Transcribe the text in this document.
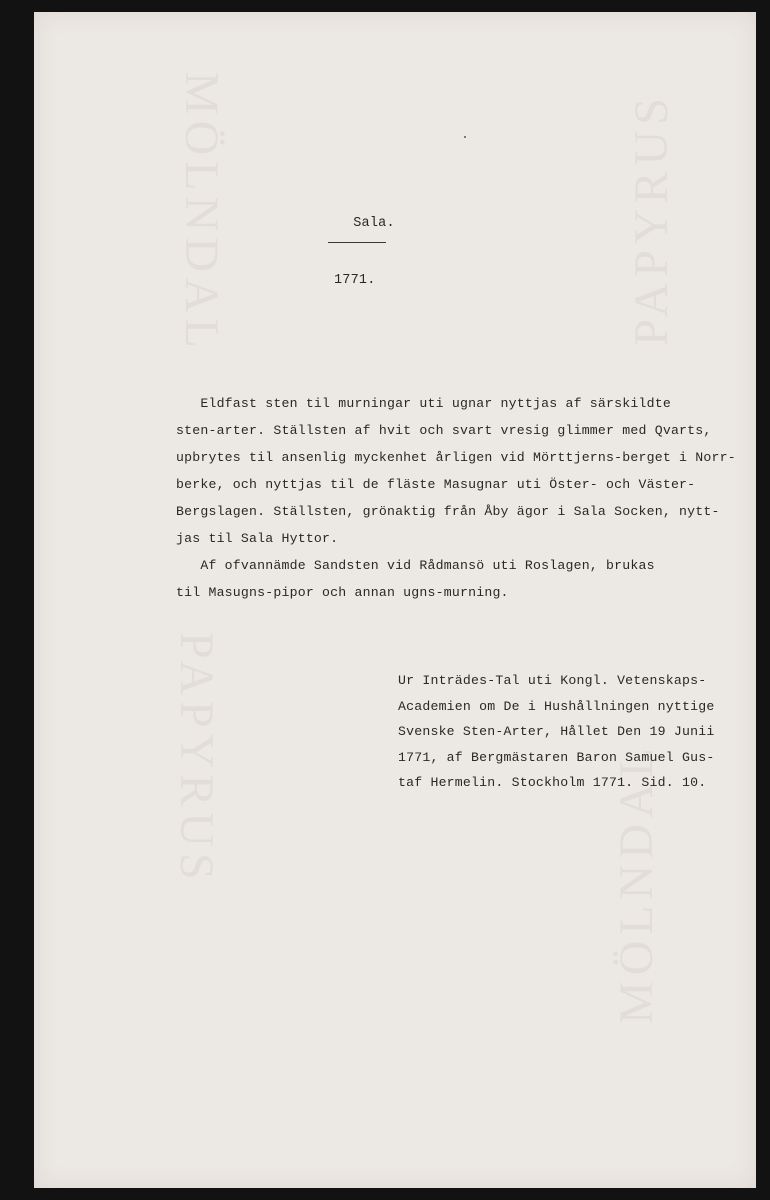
MÖLNDAL	PAPYRUS
PAPYRUS	MÖLNDAL
Sala.
1771.
Eldfast sten til murningar uti ugnar nyttjas af särskildte
sten-arter. Ställsten af hvit och svart vresig glimmer med Qvarts,
upbrytes til ansenlig myckenhet årligen vid Mörttjerns-berget i Norr-
berke, och nyttjas til de fläste Masugnar uti Öster- och Väster-
Bergslagen. Ställsten, grönaktig från Åby ägor i Sala Socken, nytt-
jas til Sala Hyttor.
Af ofvannämde Sandsten vid Rådmansö uti Roslagen, brukas
til Masugns-pipor och annan ugns-murning.
Ur Inträdes-Tal uti Kongl. Vetenskaps-
Academien om De i Hushållningen nyttige
Svenske Sten-Arter, Hållet Den 19 Junii
1771, af Bergmästaren Baron Samuel Gus-
taf Hermelin. Stockholm 1771. Sid. 10.
